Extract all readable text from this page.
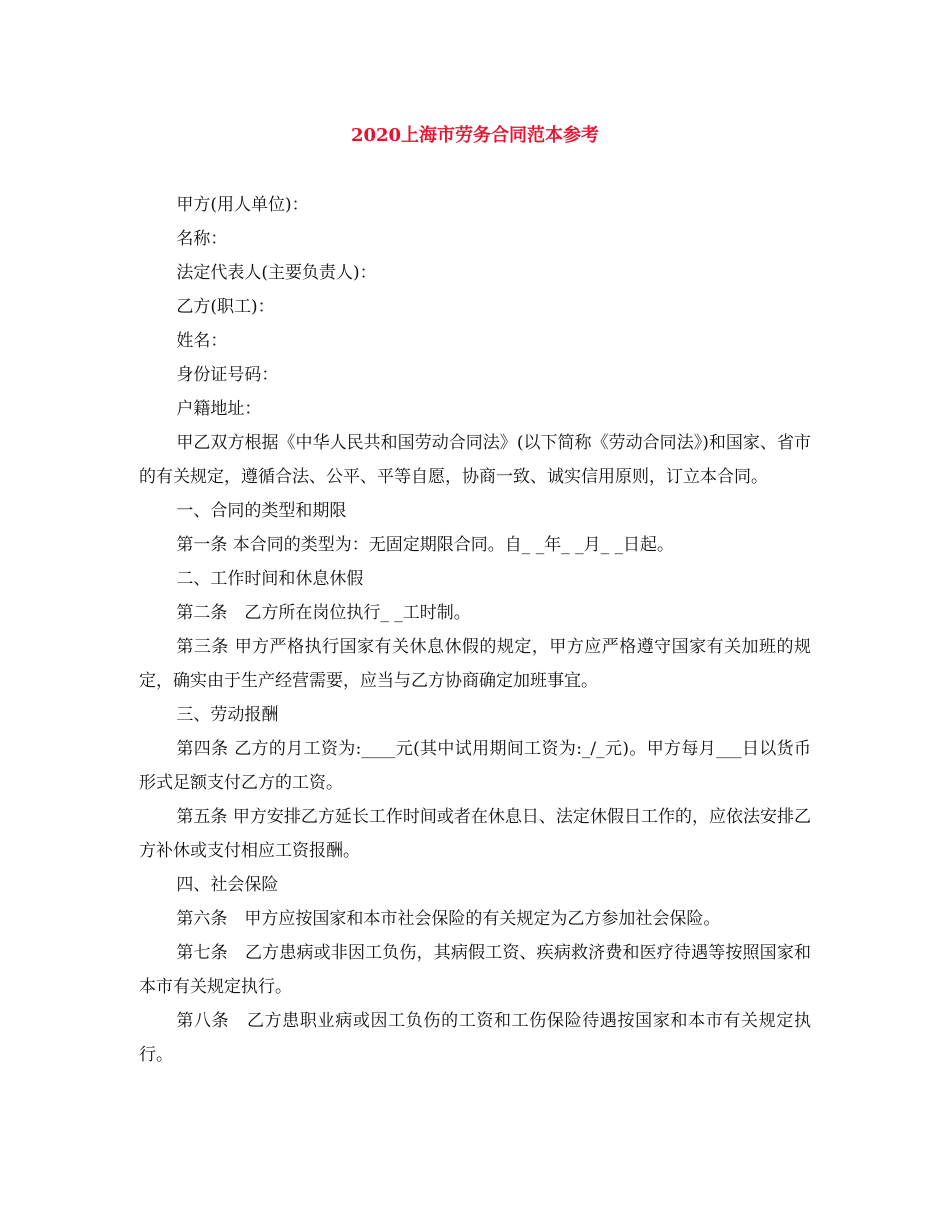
2020上海市劳务合同范本参考

甲方(用人单位)：

名称：

法定代表人(主要负责人)：

乙方(职工)：

姓名：

身份证号码：

户籍地址：

甲乙双方根据《中华人民共和国劳动合同法》(以下简称《劳动合同法》)和国家、省市的有关规定，遵循合法、公平、平等自愿，协商一致、诚实信用原则，订立本合同。

一、合同的类型和期限

第一条 本合同的类型为：无固定期限合同。自_ _年_ _月_ _日起。

二、工作时间和休息休假

第二条　乙方所在岗位执行_ _工时制。

第三条 甲方严格执行国家有关休息休假的规定，甲方应严格遵守国家有关加班的规定，确实由于生产经营需要，应当与乙方协商确定加班事宜。

三、劳动报酬

第四条 乙方的月工资为:____元(其中试用期间工资为:_/_元)。甲方每月___日以货币形式足额支付乙方的工资。

第五条 甲方安排乙方延长工作时间或者在休息日、法定休假日工作的，应依法安排乙方补休或支付相应工资报酬。

四、社会保险

第六条　甲方应按国家和本市社会保险的有关规定为乙方参加社会保险。

第七条　乙方患病或非因工负伤，其病假工资、疾病救济费和医疗待遇等按照国家和本市有关规定执行。

第八条　乙方患职业病或因工负伤的工资和工伤保险待遇按国家和本市有关规定执行。
